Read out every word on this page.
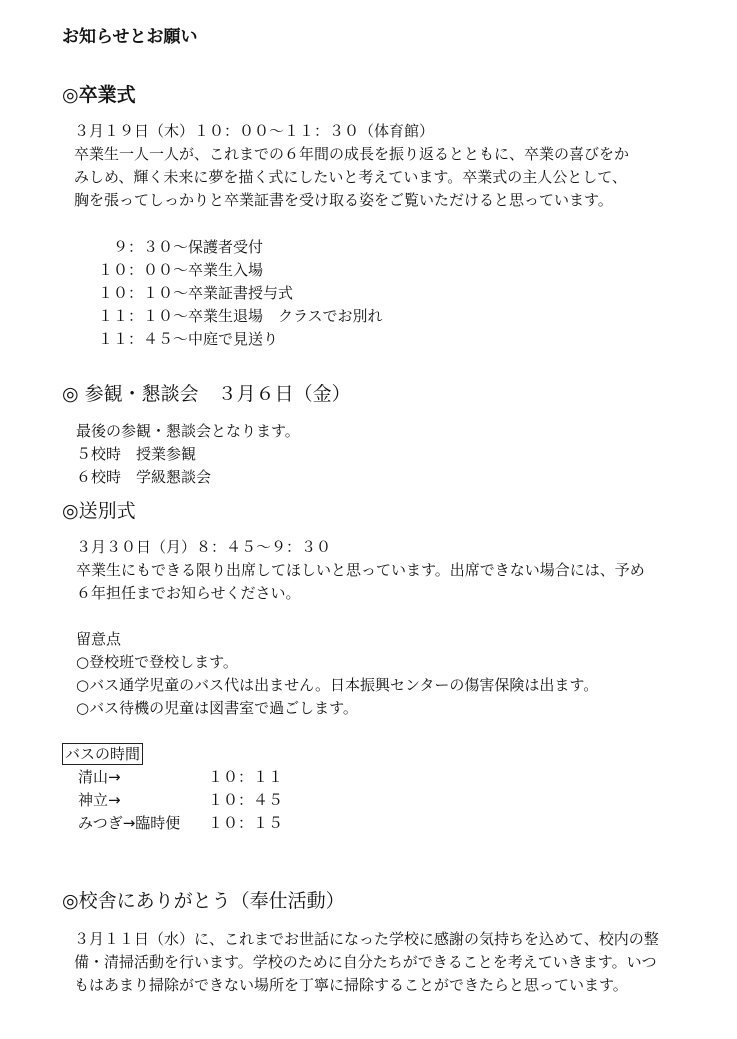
お知らせとお願い
◎卒業式
３月１９日（木）１０：００～１１：３０（体育館）
卒業生一人一人が、これまでの６年間の成長を振り返るとともに、卒業の喜びをか
みしめ、輝く未来に夢を描く式にしたいと考えています。卒業式の主人公として、
胸を張ってしっかりと卒業証書を受け取る姿をご覧いただけると思っています。
９：３０～保護者受付
１０：００～卒業生入場
１０：１０～卒業証書授与式
１１：１０～卒業生退場　クラスでお別れ
１１：４５～中庭で見送り
◎ 参観・懇談会　３月６日（金）
最後の参観・懇談会となります。
５校時　授業参観
６校時　学級懇談会
◎送別式
３月３０日（月）８：４５～９：３０
卒業生にもできる限り出席してほしいと思っています。出席できない場合には、予め
６年担任までお知らせください。
留意点
○登校班で登校します。
○バス通学児童のバス代は出ません。日本振興センターの傷害保険は出ます。
○バス待機の児童は図書室で過ごします。
バスの時間
清山→	１０：１１
神立→	１０：４５
みつぎ→臨時便 １０：１５
◎校舎にありがとう（奉仕活動）
３月１１日（水）に、これまでお世話になった学校に感謝の気持ちを込めて、校内の整
備・清掃活動を行います。学校のために自分たちができることを考えていきます。いつ
もはあまり掃除ができない場所を丁寧に掃除することができたらと思っています。
